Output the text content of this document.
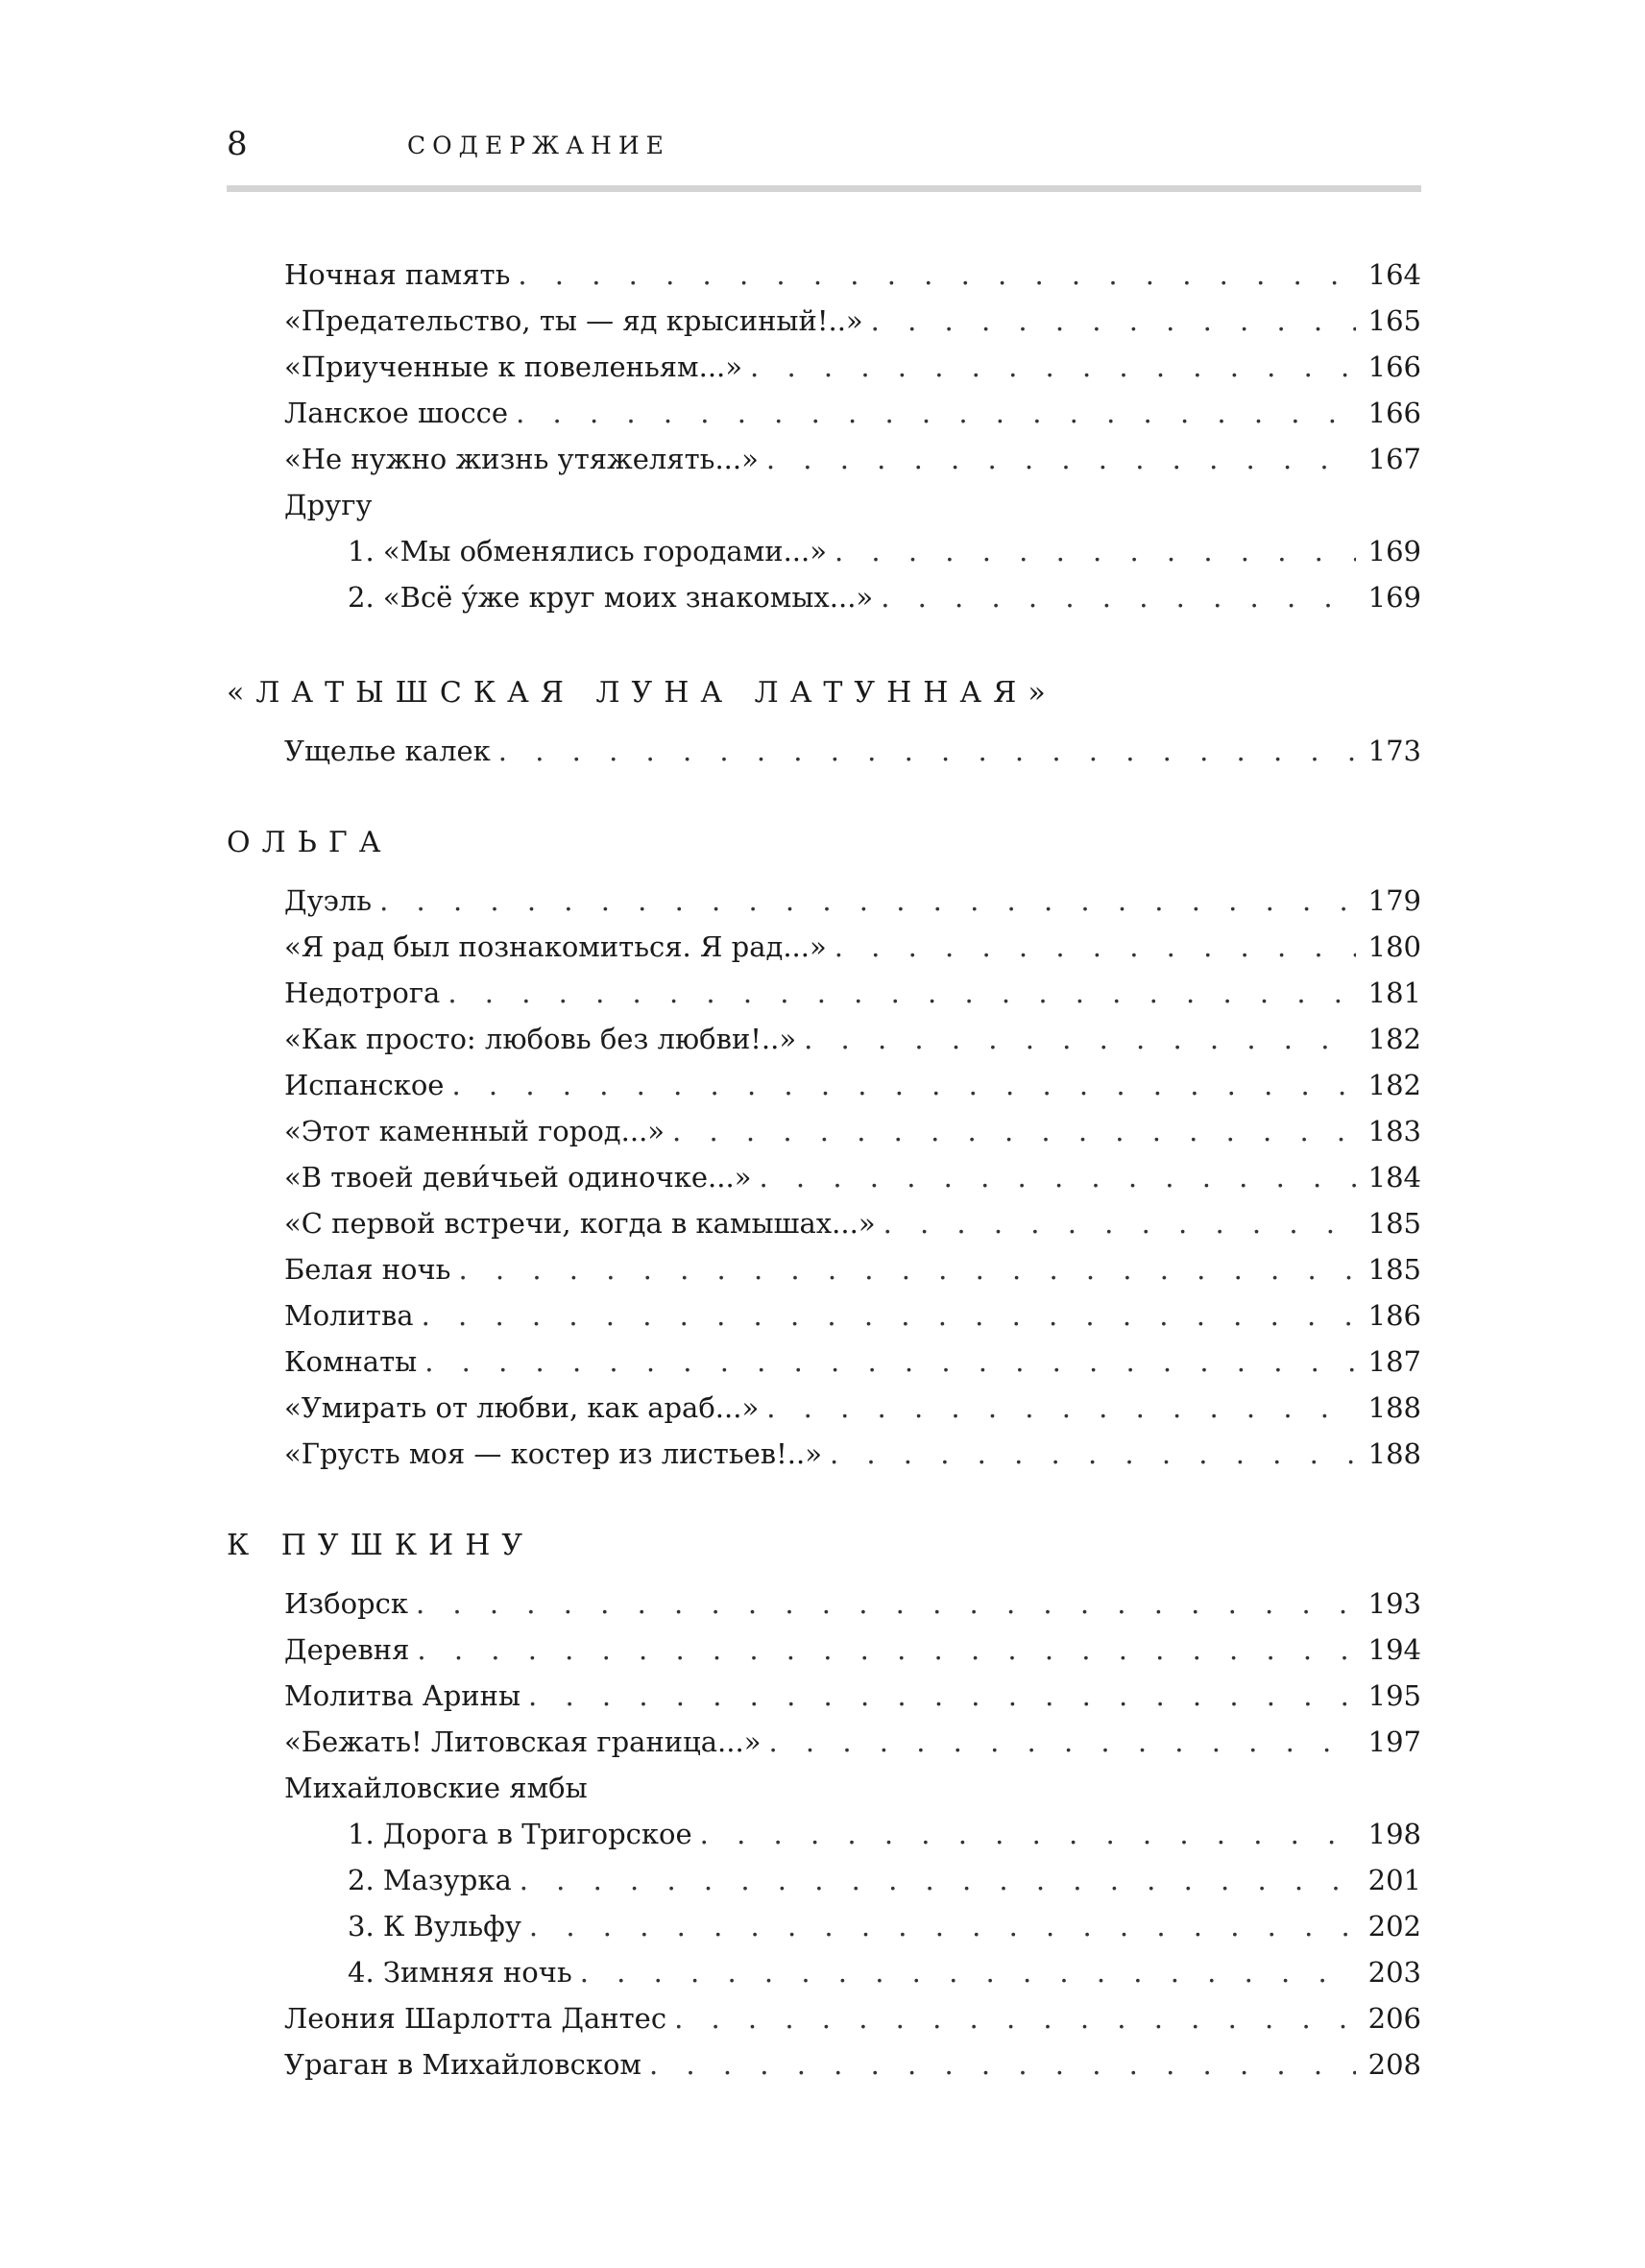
8	СОДЕРЖАНИЕ
Ночная память . . .	164
«Предательство, ты — яд крысиный!..» . . .	165
«Приученные к повеленьям...» . . .	166
Ланское шоссе . . .	166
«Не нужно жизнь утяжелять...» . . .	167
Другу
1. «Мы обменялись городами...» . . .	169
2. «Всё у́же круг моих знакомых...» . . .	169
«ЛАТЫШСКАЯ ЛУНА ЛАТУННАЯ»
Ущелье калек . . .	173
ОЛЬГА
Дуэль . . .	179
«Я рад был познакомиться. Я рад...» . . .	180
Недотрога . . .	181
«Как просто: любовь без любви!..» . . .	182
Испанское . . .	182
«Этот каменный город...» . . .	183
«В твоей деви́чьей одиночке...» . . .	184
«С первой встречи, когда в камышах...» . . .	185
Белая ночь . . .	185
Молитва . . .	186
Комнаты . . .	187
«Умирать от любви, как араб...» . . .	188
«Грусть моя — костер из листьев!..» . . .	188
К ПУШКИНУ
Изборск . . .	193
Деревня . . .	194
Молитва Арины . . .	195
«Бежать! Литовская граница...» . . .	197
Михайловские ямбы
1. Дорога в Тригорское . . .	198
2. Мазурка . . .	201
3. К Вульфу . . .	202
4. Зимняя ночь . . .	203
Леония Шарлотта Дантес . . .	206
Ураган в Михайловском . . .	208
